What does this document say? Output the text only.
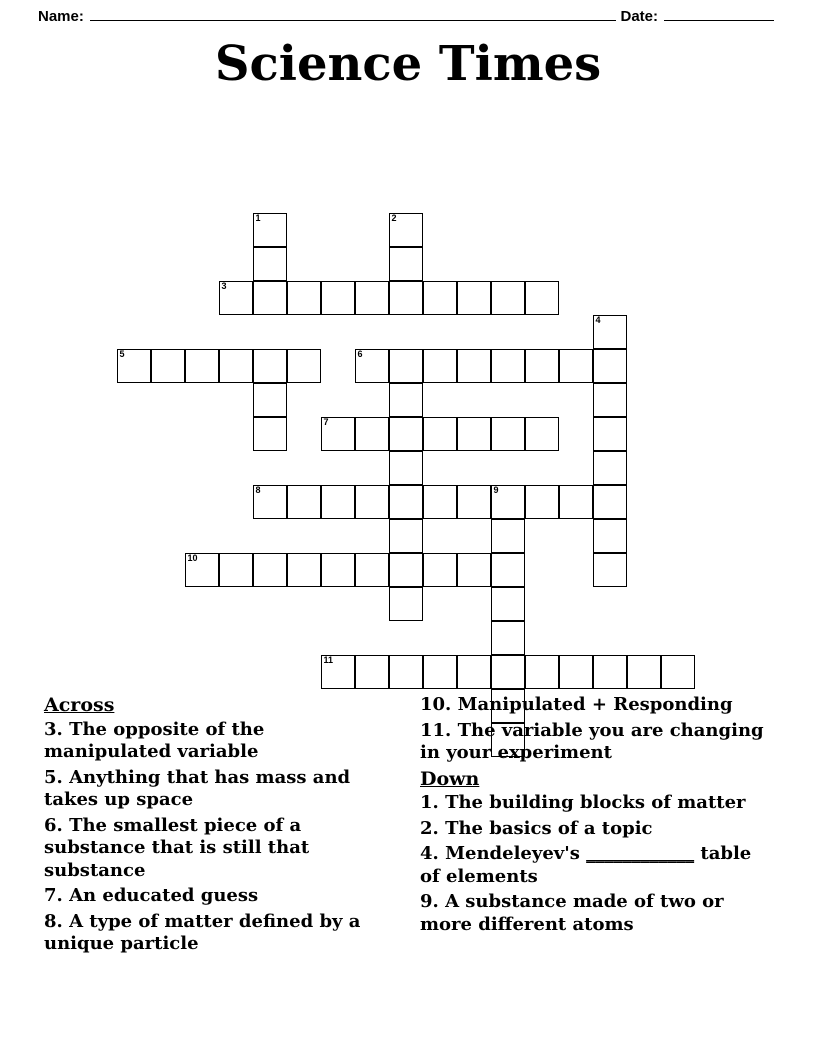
Name:	Date:
Science Times
1	2
3
4
5	6
7
8	9
10
11
Across
3. The opposite of the manipulated variable
5. Anything that has mass and takes up space
6. The smallest piece of a substance that is still that substance
7. An educated guess
8. A type of matter defined by a unique particle
10. Manipulated + Responding
11. The variable you are changing in your experiment
Down
1. The building blocks of matter
2. The basics of a topic
4. Mendeleyev's ____________ table of elements
9. A substance made of two or more different atoms
